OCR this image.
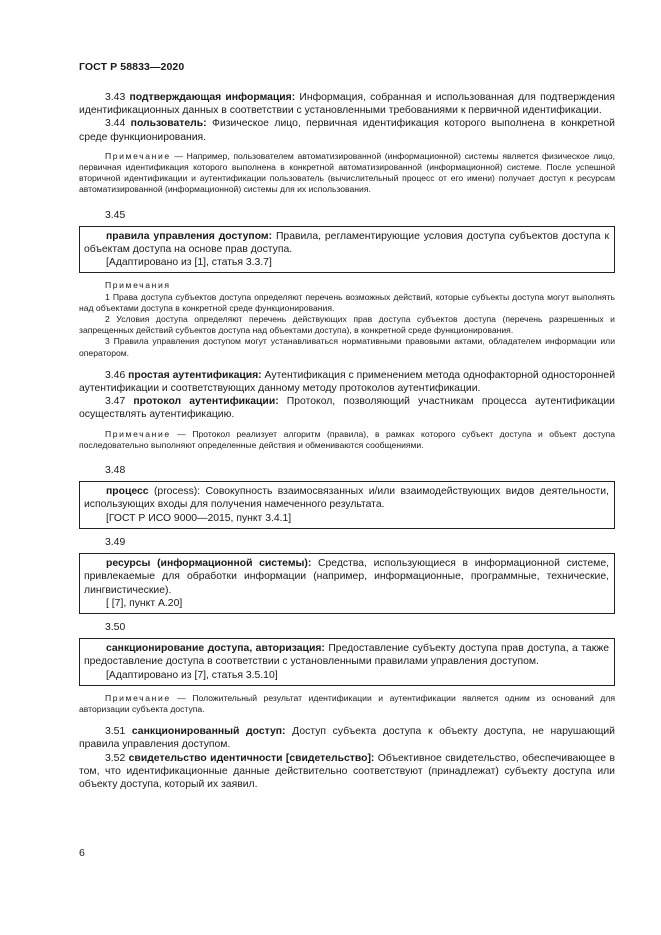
ГОСТ Р 58833—2020

3.43 подтверждающая информация: Информация, собранная и использованная для подтверждения идентификационных данных в соответствии с установленными требованиями к первичной идентификации.

3.44 пользователь: Физическое лицо, первичная идентификация которого выполнена в конкретной среде функционирования.

Примечание — Например, пользователем автоматизированной (информационной) системы является физическое лицо, первичная идентификация которого выполнена в конкретной автоматизированной (информационной) системе. После успешной вторичной идентификации и аутентификации пользователь (вычислительный процесс от его имени) получает доступ к ресурсам автоматизированной (информационной) системы для их использования.

3.45

правила управления доступом: Правила, регламентирующие условия доступа субъектов доступа к объектам доступа на основе прав доступа.

[Адаптировано из [1], статья 3.3.7]

Примечания

1 Права доступа субъектов доступа определяют перечень возможных действий, которые субъекты доступа могут выполнять над объектами доступа в конкретной среде функционирования.

2 Условия доступа определяют перечень действующих прав доступа субъектов доступа (перечень разрешенных и запрещенных действий субъектов доступа над объектами доступа), в конкретной среде функционирования.

3 Правила управления доступом могут устанавливаться нормативными правовыми актами, обладателем информации или оператором.

3.46 простая аутентификация: Аутентификация с применением метода однофакторной односторонней аутентификации и соответствующих данному методу протоколов аутентификации.

3.47 протокол аутентификации: Протокол, позволяющий участникам процесса аутентификации осуществлять аутентификацию.

Примечание — Протокол реализует алгоритм (правила), в рамках которого субъект доступа и объект доступа последовательно выполняют определенные действия и обмениваются сообщениями.

3.48

процесс (process): Совокупность взаимосвязанных и/или взаимодействующих видов деятельности, использующих входы для получения намеченного результата.

[ГОСТ Р ИСО 9000—2015, пункт 3.4.1]

3.49

ресурсы (информационной системы): Средства, использующиеся в информационной системе, привлекаемые для обработки информации (например, информационные, программные, технические, лингвистические).

[ [7], пункт А.20]

3.50

санкционирование доступа, авторизация: Предоставление субъекту доступа прав доступа, а также предоставление доступа в соответствии с установленными правилами управления доступом.

[Адаптировано из [7], статья 3.5.10]

Примечание — Положительный результат идентификации и аутентификации является одним из оснований для авторизации субъекта доступа.

3.51 санкционированный доступ: Доступ субъекта доступа к объекту доступа, не нарушающий правила управления доступом.

3.52 свидетельство идентичности [свидетельство]: Объективное свидетельство, обеспечивающее в том, что идентификационные данные действительно соответствуют (принадлежат) субъекту доступа или объекту доступа, который их заявил.

6
